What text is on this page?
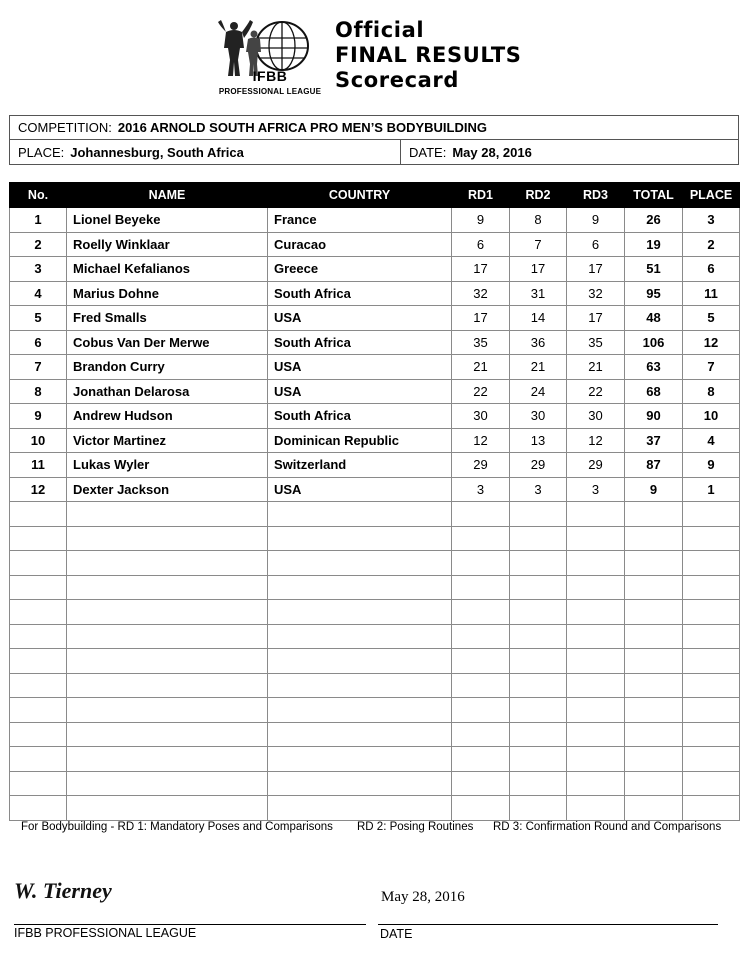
IFBB
PROFESSIONAL LEAGUE
Official
FINAL RESULTS
Scorecard
COMPETITION: 2016 ARNOLD SOUTH AFRICA PRO MEN’S BODYBUILDING
PLACE: Johannesburg, South Africa	DATE: May 28, 2016
No.	NAME	COUNTRY	RD1	RD2	RD3	TOTAL	PLACE
1	Lionel Beyeke	France	9	8	9	26	3
2	Roelly Winklaar	Curacao	6	7	6	19	2
3	Michael Kefalianos	Greece	17	17	17	51	6
4	Marius Dohne	South Africa	32	31	32	95	11
5	Fred Smalls	USA	17	14	17	48	5
6	Cobus Van Der Merwe	South Africa	35	36	35	106	12
7	Brandon Curry	USA	21	21	21	63	7
8	Jonathan Delarosa	USA	22	24	22	68	8
9	Andrew Hudson	South Africa	30	30	30	90	10
10	Victor Martinez	Dominican Republic	12	13	12	37	4
11	Lukas Wyler	Switzerland	29	29	29	87	9
12	Dexter Jackson	USA	3	3	3	9	1

For Bodybuilding - RD 1: Mandatory Poses and Comparisons RD 2: Posing Routines RD 3: Confirmation Round and Comparisons
W. Tierney	May 28, 2016
IFBB PROFESSIONAL LEAGUE	DATE
